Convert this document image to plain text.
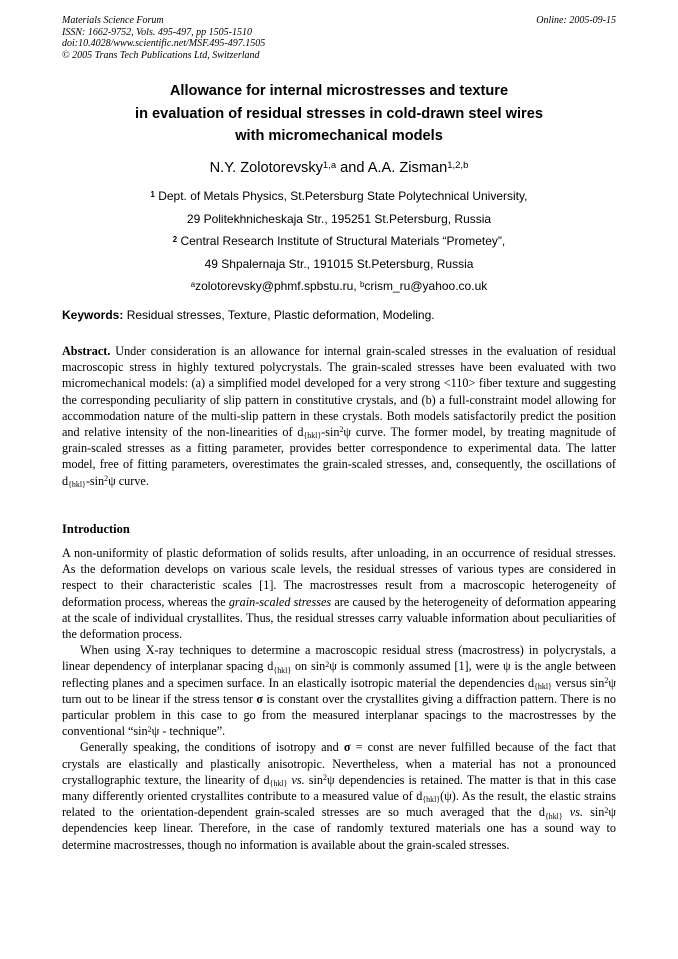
Materials Science Forum
ISSN: 1662-9752, Vols. 495-497, pp 1505-1510
doi:10.4028/www.scientific.net/MSF.495-497.1505
© 2005 Trans Tech Publications Ltd, Switzerland
Online: 2005-09-15
Allowance for internal microstresses and texture
in evaluation of residual stresses in cold-drawn steel wires
with micromechanical models
N.Y. Zolotorevsky$^{1,a}$ and A.A. Zisman$^{1,2,b}$
$^1$ Dept. of Metals Physics, St.Petersburg State Polytechnical University,
29 Politekhnicheskaja Str., 195251 St.Petersburg, Russia
$^2$ Central Research Institute of Structural Materials “Prometey”,
49 Shpalernaja Str., 191015 St.Petersburg, Russia
$^a$zolotorevsky@phmf.spbstu.ru, $^b$crism_ru@yahoo.co.uk
Keywords: Residual stresses, Texture, Plastic deformation, Modeling.
Abstract. Under consideration is an allowance for internal grain-scaled stresses in the evaluation of residual macroscopic stress in highly textured polycrystals. The grain-scaled stresses have been evaluated with two micromechanical models: (a) a simplified model developed for a very strong <110> fiber texture and suggesting the corresponding peculiarity of slip pattern in constitutive crystals, and (b) a full-constraint model allowing for accommodation nature of the multi-slip pattern in these crystals. Both models satisfactorily predict the position and relative intensity of the non-linearities of $d_{\{hkl\}}-\sin^2\psi$ curve. The former model, by treating magnitude of grain-scaled stresses as a fitting parameter, provides better correspondence to experimental data. The latter model, free of fitting parameters, overestimates the grain-scaled stresses, and, consequently, the oscillations of $d_{\{hkl\}}-\sin^2\psi$ curve.
Introduction

A non-uniformity of plastic deformation of solids results, after unloading, in an occurrence of residual stresses. As the deformation develops on various scale levels, the residual stresses of various types are considered in respect to their characteristic scales [1]. The macrostresses result from a macroscopic heterogeneity of deformation process, whereas the grain-scaled stresses are caused by the heterogeneity of deformation appearing at the scale of individual crystallites. Thus, the residual stresses carry valuable information about peculiarities of the deformation process.

When using X-ray techniques to determine a macroscopic residual stress (macrostress) in polycrystals, a linear dependency of interplanar spacing $d_{\{hkl\}}$ on $\sin^2\psi$ is commonly assumed [1], were ψ is the angle between reflecting planes and a specimen surface. In an elastically isotropic material the dependencies $d_{\{hkl\}}$ versus $\sin^2\psi$ turn out to be linear if the stress tensor σ is constant over the crystallites giving a diffraction pattern. There is no particular problem in this case to go from the measured interplanar spacings to the macrostresses by the conventional “$\sin^2\psi$ - technique”.

Generally speaking, the conditions of isotropy and σ = const are never fulfilled because of the fact that crystals are elastically and plastically anisotropic. Nevertheless, when a material has not a pronounced crystallographic texture, the linearity of $d_{\{hkl\}}$ vs. $\sin^2\psi$ dependencies is retained. The matter is that in this case many differently oriented crystallites contribute to a measured value of $d_{\{hkl\}}(\psi)$. As the result, the elastic strains related to the orientation-dependent grain-scaled stresses are so much averaged that the $d_{\{hkl\}}$ vs. $\sin^2\psi$ dependencies keep linear. Therefore, in the case of randomly textured materials one has a sound way to determine macrostresses, though no information is available about the grain-scaled stresses.
